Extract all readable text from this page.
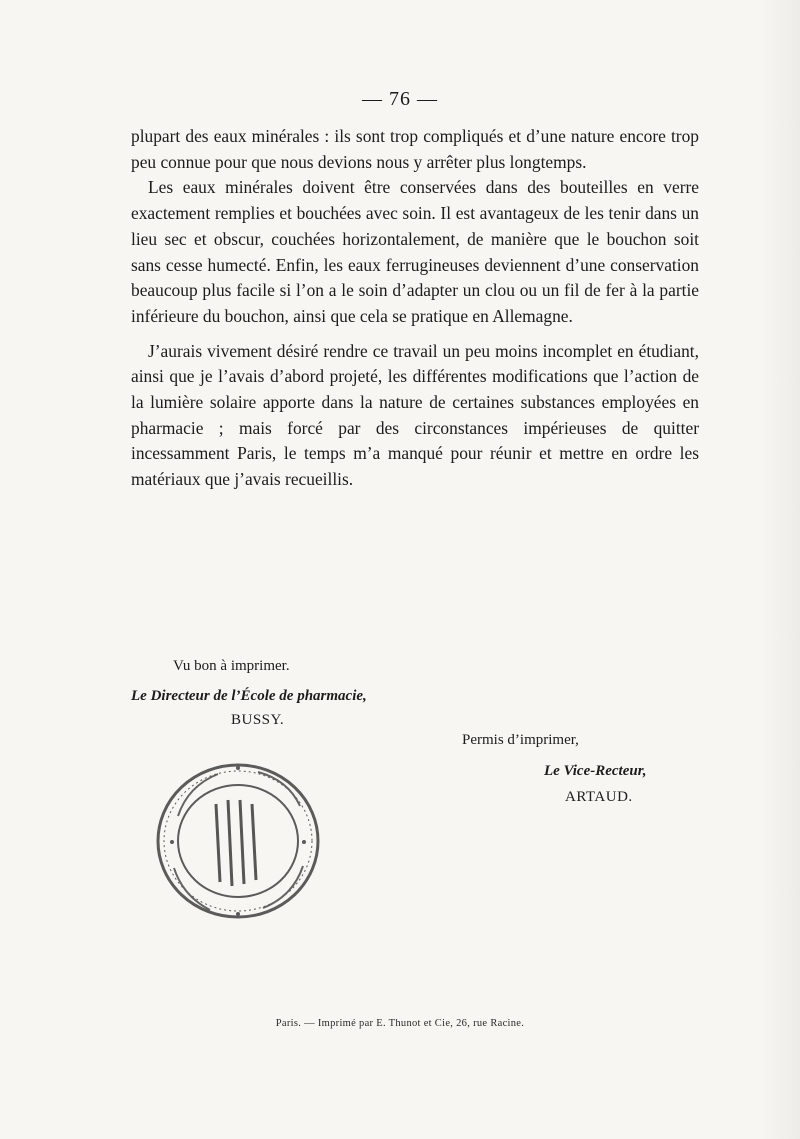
— 76 —

plupart des eaux minérales : ils sont trop compliqués et d’une nature encore trop peu connue pour que nous devions nous y arrêter plus longtemps.

Les eaux minérales doivent être conservées dans des bouteilles en verre exactement remplies et bouchées avec soin. Il est avantageux de les tenir dans un lieu sec et obscur, couchées horizontalement, de manière que le bouchon soit sans cesse humecté. Enfin, les eaux ferrugineuses deviennent d’une conservation beaucoup plus facile si l’on a le soin d’adapter un clou ou un fil de fer à la partie inférieure du bouchon, ainsi que cela se pratique en Allemagne.

J’aurais vivement désiré rendre ce travail un peu moins incomplet en étudiant, ainsi que je l’avais d’abord projeté, les différentes modifications que l’action de la lumière solaire apporte dans la nature de certaines substances employées en pharmacie ; mais forcé par des circonstances impérieuses de quitter incessamment Paris, le temps m’a manqué pour réunir et mettre en ordre les matériaux que j’avais recueillis.

Vu bon à imprimer.
Le Directeur de l’École de pharmacie,
BUSSY.
Permis d’imprimer,
Le Vice-Recteur,
ARTAUD.
Paris. — Imprimé par E. Thunot et Cie, 26, rue Racine.
